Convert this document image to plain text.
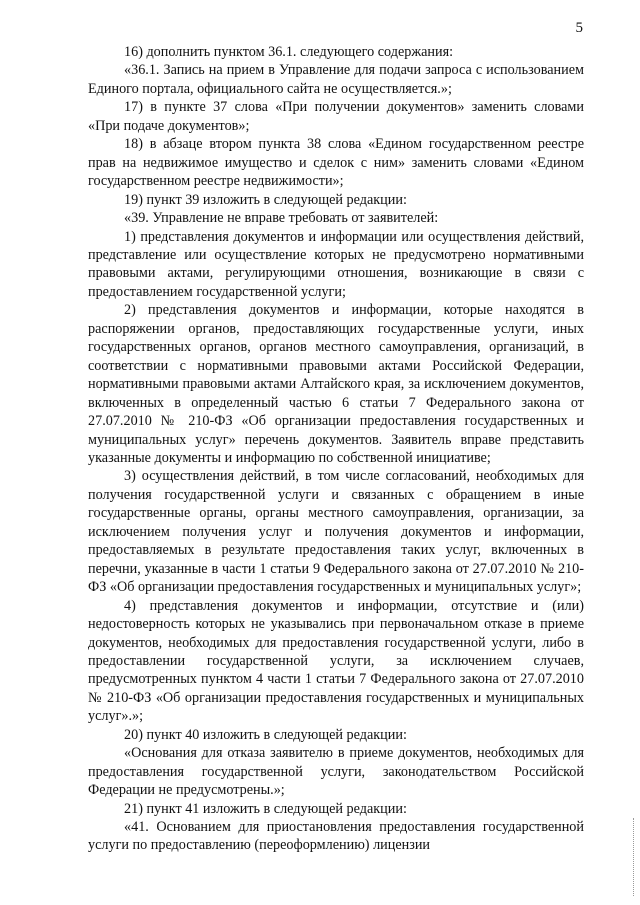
5

16) дополнить пунктом 36.1. следующего содержания:

«36.1. Запись на прием в Управление для подачи запроса с использованием Единого портала, официального сайта не осуществляется.»;

17) в пункте 37 слова «При получении документов» заменить словами «При подаче документов»;

18) в абзаце втором пункта 38 слова «Едином государственном реестре прав на недвижимое имущество и сделок с ним» заменить словами «Едином государственном реестре недвижимости»;

19) пункт 39 изложить в следующей редакции:

«39. Управление не вправе требовать от заявителей:

1) представления документов и информации или осуществления действий, представление или осуществление которых не предусмотрено нормативными правовыми актами, регулирующими отношения, возникающие в связи с предоставлением государственной услуги;

2) представления документов и информации, которые находятся в распоряжении органов, предоставляющих государственные услуги, иных государственных органов, органов местного самоуправления, организаций, в соответствии с нормативными правовыми актами Российской Федерации, нормативными правовыми актами Алтайского края, за исключением документов, включенных в определенный частью 6 статьи 7 Федерального закона от 27.07.2010 № 210-ФЗ «Об организации предоставления государственных и муниципальных услуг» перечень документов. Заявитель вправе представить указанные документы и информацию по собственной инициативе;

3) осуществления действий, в том числе согласований, необходимых для получения государственной услуги и связанных с обращением в иные государственные органы, органы местного самоуправления, организации, за исключением получения услуг и получения документов и информации, предоставляемых в результате предоставления таких услуг, включенных в перечни, указанные в части 1 статьи 9 Федерального закона от 27.07.2010 № 210-ФЗ «Об организации предоставления государственных и муниципальных услуг»;

4) представления документов и информации, отсутствие и (или) недостоверность которых не указывались при первоначальном отказе в приеме документов, необходимых для предоставления государственной услуги, либо в предоставлении государственной услуги, за исключением случаев, предусмотренных пунктом 4 части 1 статьи 7 Федерального закона от 27.07.2010 № 210-ФЗ «Об организации предоставления государственных и муниципальных услуг».»;

20) пункт 40 изложить в следующей редакции:

«Основания для отказа заявителю в приеме документов, необходимых для предоставления государственной услуги, законодательством Российской Федерации не предусмотрены.»;

21) пункт 41 изложить в следующей редакции:

«41. Основанием для приостановления предоставления государственной услуги по предоставлению (переоформлению) лицензии
